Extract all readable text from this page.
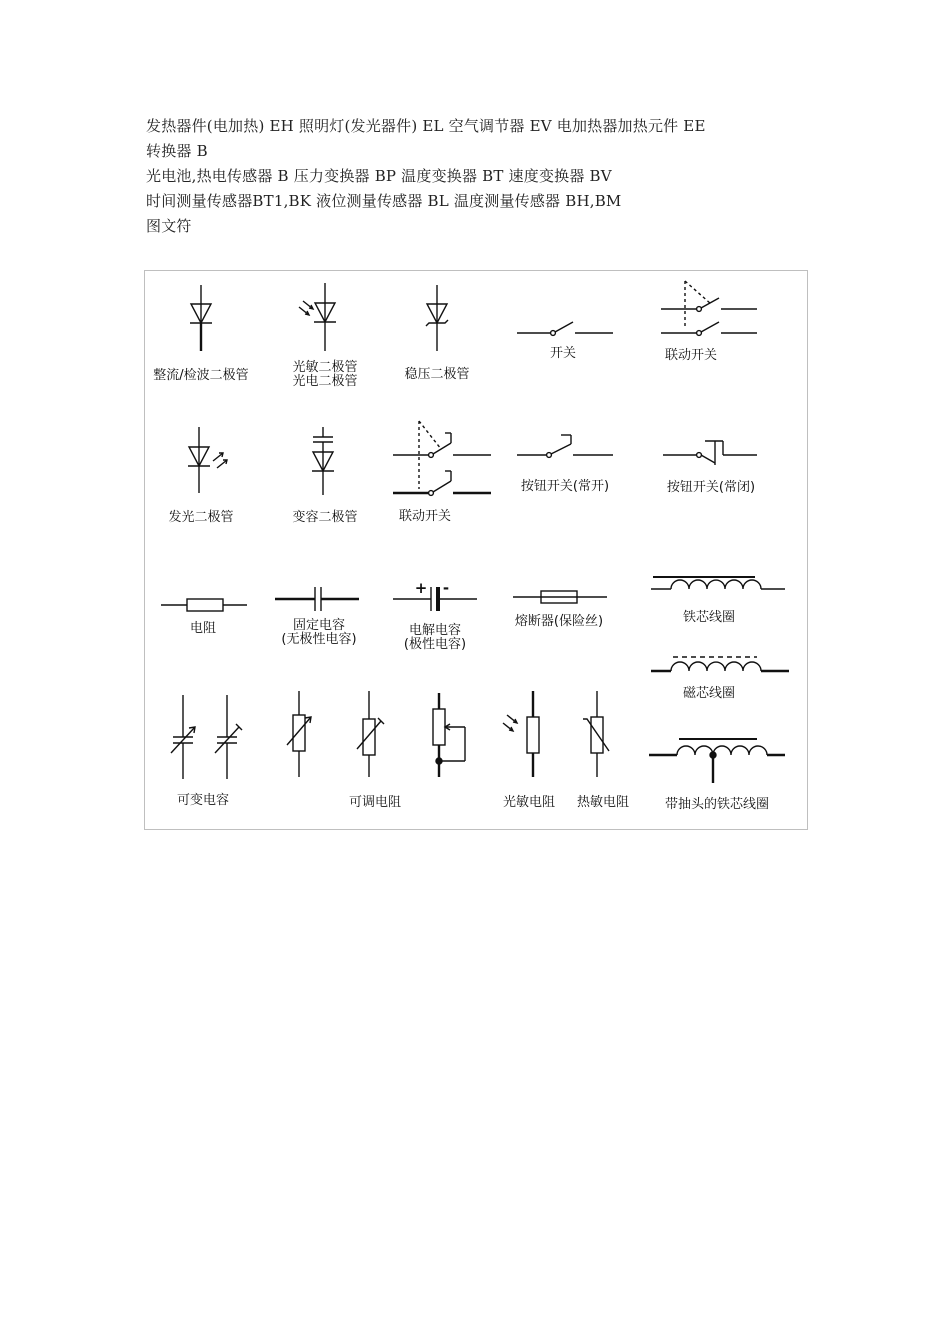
发热器件(电加热) EH 照明灯(发光器件) EL 空气调节器 EV 电加热器加热元件 EE
转换器 B
光电池,热电传感器 B 压力变换器 BP 温度变换器 BT 速度变换器 BV
时间测量传感器BT1,BK 液位测量传感器 BL 温度测量传感器 BH,BM
图文符
整流/检波二极管
光敏二极管
光电二极管	稳压二极管
开关	联动开关
发光二极管	变容二极管	联动开关
按钮开关(常开)	按钮开关(常闭)
电阻	固定电容
(无极性电容)
+ -
电解电容
(极性电容)
熔断器(保险丝)	铁芯线圈
磁芯线圈
可变电容	可调电阻	光敏电阻 热敏电阻	带抽头的铁芯线圈
